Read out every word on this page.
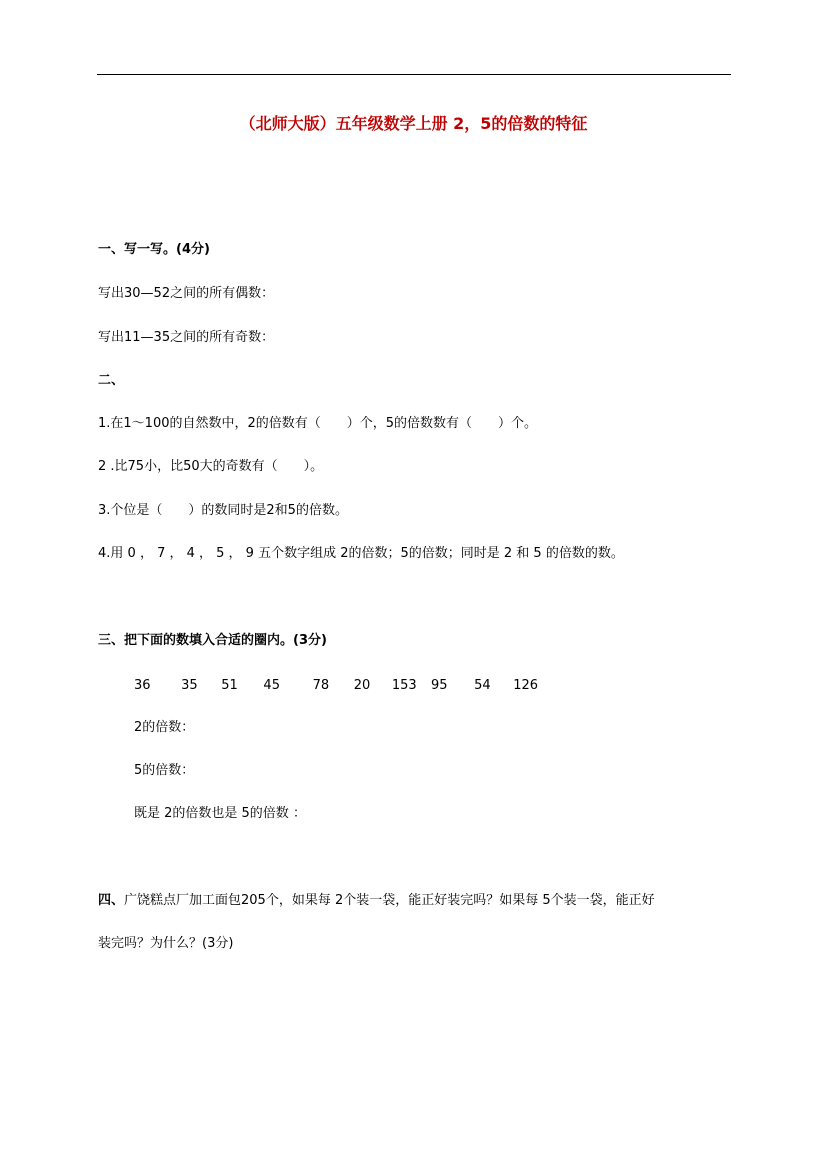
（北师大版）五年级数学上册 2，5的倍数的特征
一、写一写。(4分)
写出30—52之间的所有偶数：
写出11—35之间的所有奇数：
二、
1.在1～100的自然数中，2的倍数有（　　）个，5的倍数数有（　　）个。
2 .比75小，比50大的奇数有（　　）。
3.个位是（　　）的数同时是2和5的倍数。
4.用 0 ， 7 ， 4 ， 5 ， 9 五个数字组成 2的倍数；5的倍数；同时是 2 和 5 的倍数的数。
三、把下面的数填入合适的圈内。(3分)
36 35 51 45	78 20 153 95 54 126
2的倍数：
5的倍数：
既是 2的倍数也是 5的倍数 ：
四、广饶糕点厂加工面包205个，如果每 2个装一袋，能正好装完吗？如果每 5个装一袋，能正好
装完吗？为什么？(3分)
